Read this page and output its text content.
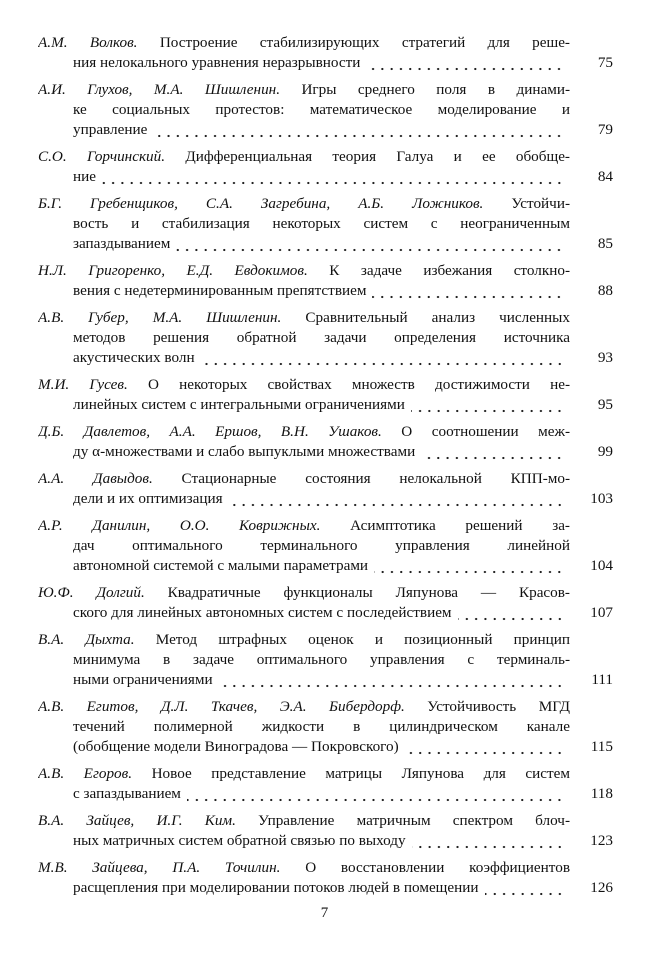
А.М. Волков. Построение стабилизирующих стратегий для реше-
ния нелокального уравнения неразрывности	75
А.И. Глухов, М.А. Шишленин. Игры среднего поля в динами-
ке социальных протестов: математическое моделирование и
управление	79
С.О. Горчинский. Дифференциальная теория Галуа и ее обобще-
ние	84
Б.Г. Гребенщиков, С.А. Загребина, А.Б. Ложников. Устойчи-
вость и стабилизация некоторых систем с неограниченным
запаздыванием	85
Н.Л. Григоренко, Е.Д. Евдокимов. К задаче избежания столкно-
вения с недетерминированным препятствием	88
А.В. Губер, М.А. Шишленин. Сравнительный анализ численных
методов решения обратной задачи определения источника
акустических волн	93
М.И. Гусев. О некоторых свойствах множеств достижимости не-
линейных систем с интегральными ограничениями	95
Д.Б. Давлетов, А.А. Ершов, В.Н. Ушаков. О соотношении меж-
ду α-множествами и слабо выпуклыми множествами	99
А.А. Давыдов. Стационарные состояния нелокальной КПП-мо-
дели и их оптимизация	103
А.Р. Данилин, О.О. Коврижных. Асимптотика решений за-
дач оптимального терминального управления линейной
автономной системой с малыми параметрами	104
Ю.Ф. Долгий. Квадратичные функционалы Ляпунова — Красов-
ского для линейных автономных систем с последействием	107
В.А. Дыхта. Метод штрафных оценок и позиционный принцип
минимума в задаче оптимального управления с терминаль-
ными ограничениями	111
А.В. Егитов, Д.Л. Ткачев, Э.А. Бибердорф. Устойчивость МГД
течений полимерной жидкости в цилиндрическом канале
(обобщение модели Виноградова — Покровского)	115
А.В. Егоров. Новое представление матрицы Ляпунова для систем
с запаздыванием	118
В.А. Зайцев, И.Г. Ким. Управление матричным спектром блоч-
ных матричных систем обратной связью по выходу	123
М.В. Зайцева, П.А. Точилин. О восстановлении коэффициентов
расщепления при моделировании потоков людей в помещении	126
7
